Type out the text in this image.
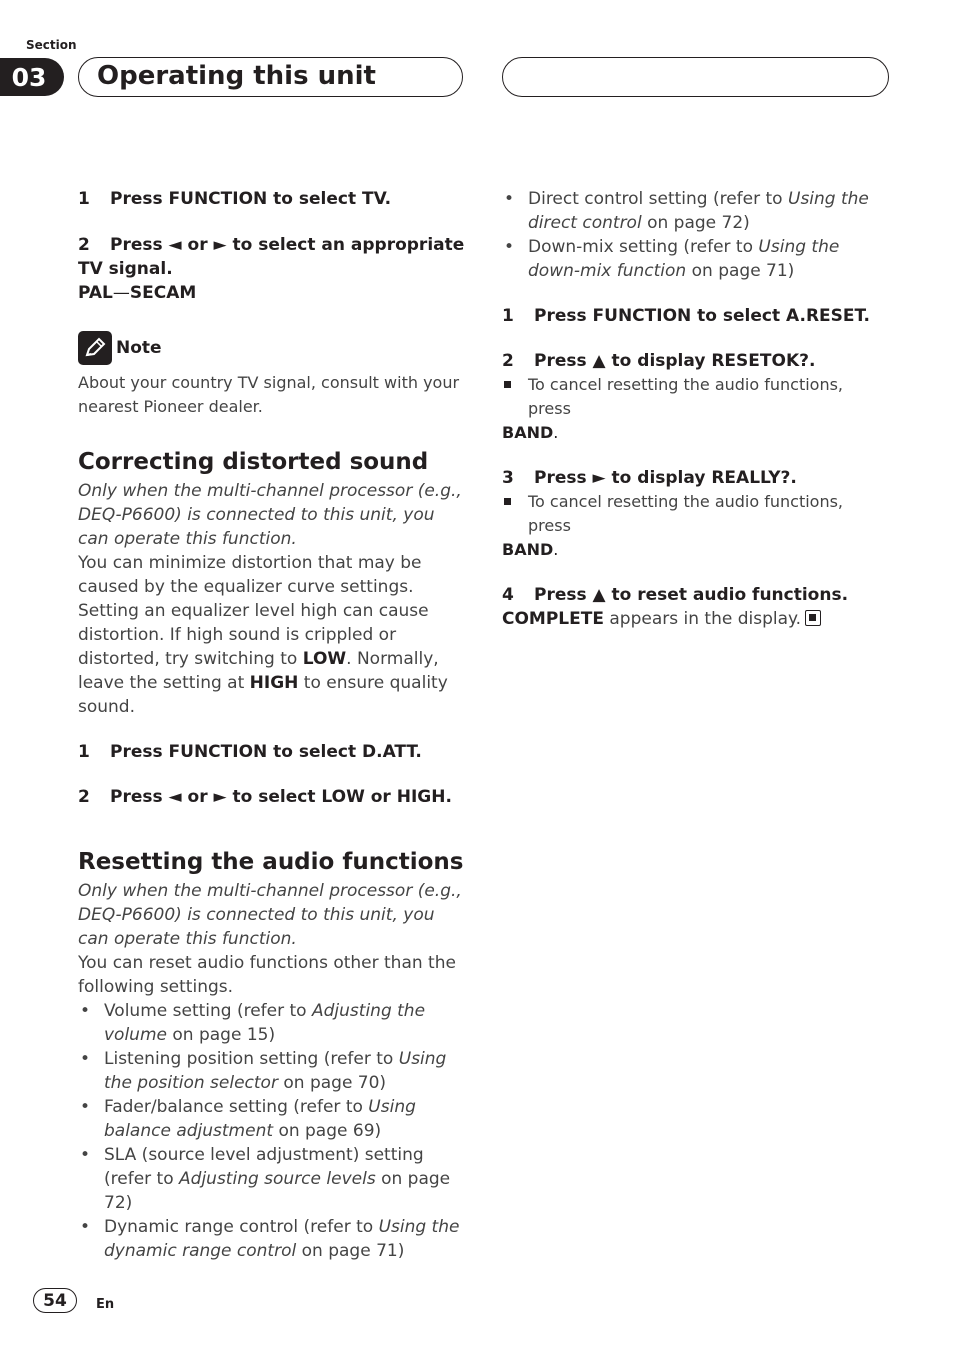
Section
03	Operating this unit

1 Press FUNCTION to select TV.

2 Press ◄ or ► to select an appropriate TV signal.

PAL—SECAM

Note

About your country TV signal, consult with your nearest Pioneer dealer.

Correcting distorted sound

Only when the multi-channel processor (e.g., DEQ-P6600) is connected to this unit, you can operate this function.

You can minimize distortion that may be caused by the equalizer curve settings. Setting an equalizer level high can cause distortion. If high sound is crippled or distorted, try switching to LOW. Normally, leave the setting at HIGH to ensure quality sound.

1 Press FUNCTION to select D.ATT.

2 Press ◄ or ► to select LOW or HIGH.

Resetting the audio functions

Only when the multi-channel processor (e.g., DEQ-P6600) is connected to this unit, you can operate this function.

You can reset audio functions other than the following settings.

• Volume setting (refer to Adjusting the volume on page 15)

• Listening position setting (refer to Using the position selector on page 70)

• Fader/balance setting (refer to Using balance adjustment on page 69)

• SLA (source level adjustment) setting (refer to Adjusting source levels on page 72)

• Dynamic range control (refer to Using the dynamic range control on page 71)

• Direct control setting (refer to Using the direct control on page 72)

• Down-mix setting (refer to Using the down-mix function on page 71)

1 Press FUNCTION to select A.RESET.

2 Press ▲ to display RESETOK?.

To cancel resetting the audio functions, press

BAND.

3 Press ► to display REALLY?.

To cancel resetting the audio functions, press

BAND.

4 Press ▲ to reset audio functions.

COMPLETE appears in the display.

54	En
